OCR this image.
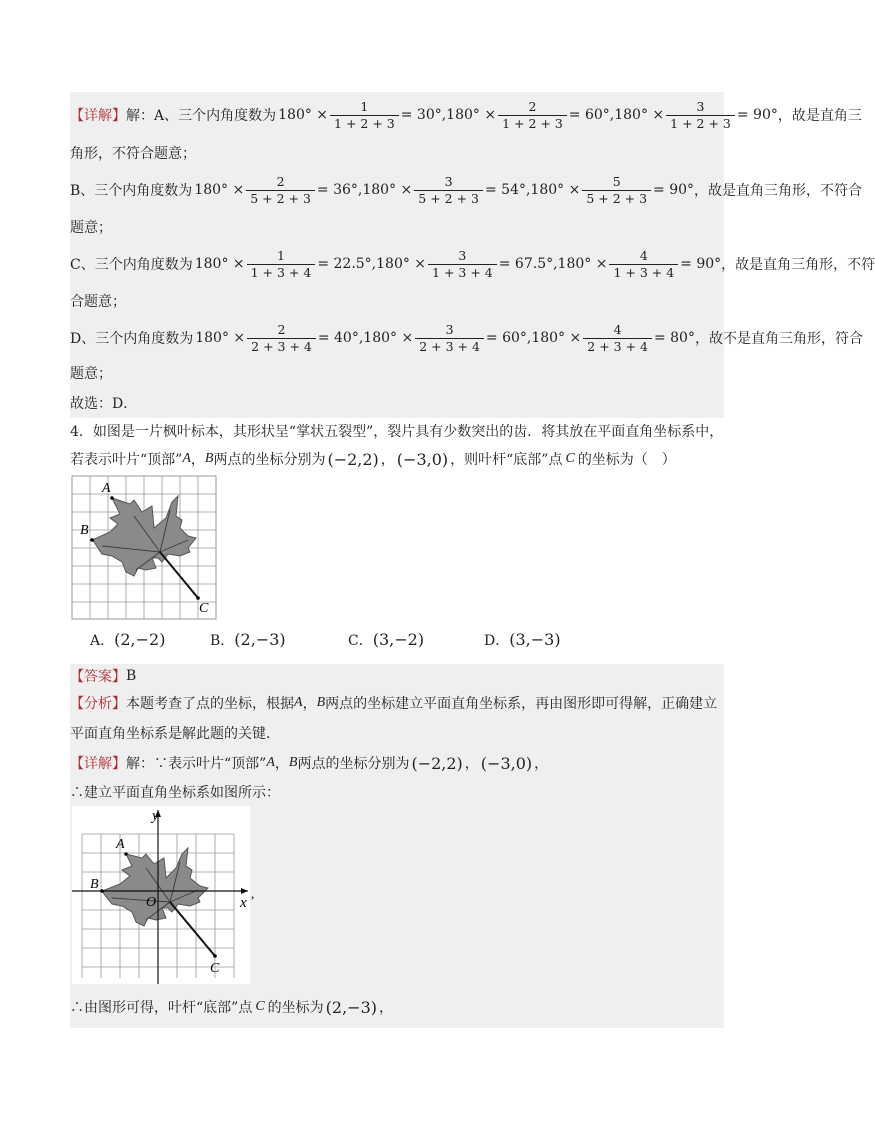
【详解】 解：A、三个内角度数为 $180^\circ \times \frac{1}{1 + 2 + 3} = 30^\circ,180^\circ \times \frac{2}{1 + 2 + 3} = 60^\circ,180^\circ \times \frac{3}{1 + 2 + 3} = 90^\circ$ ，故是直角三
角形，不符合题意；
B、三个内角度数为 $180^\circ \times \frac{2}{5 + 2 + 3} = 36^\circ,180^\circ \times \frac{3}{5 + 2 + 3} = 54^\circ,180^\circ \times \frac{5}{5 + 2 + 3} = 90^\circ$ ，故是直角三角形，不符合
题意；
C、三个内角度数为 $180^\circ \times \frac{1}{1 + 3 + 4} = 22.5^\circ,180^\circ \times \frac{3}{1 + 3 + 4} = 67.5^\circ,180^\circ \times \frac{4}{1 + 3 + 4} = 90^\circ$ ，故是直角三角形，不符
合题意；
D、三个内角度数为 $180^\circ \times \frac{2}{2 + 3 + 4} = 40^\circ,180^\circ \times \frac{3}{2 + 3 + 4} = 60^\circ,180^\circ \times \frac{4}{2 + 3 + 4} = 80^\circ$ ，故不是直角三角形，符合
题意；
故选：D．
4．如图是一片枫叶标本，其形状呈“掌状五裂型”，裂片具有少数突出的齿．将其放在平面直角坐标系中，
若表示叶片“顶部” A ， B 两点的坐标分别为 (−2,2) ， (−3,0) ，则叶杆“底部”点 C 的坐标为（　）
A
B
C
A．(2,−2)	B．(2,−3)	C．(3,−2)	D．(3,−3)
【答案】 B
【分析】 本题考查了点的坐标，根据 A ， B 两点的坐标建立平面直角坐标系，再由图形即可得解，正确建立
平面直角坐标系是解此题的关键．
【详解】 解：∵表示叶片“顶部” A ， B 两点的坐标分别为 (−2,2) ， (−3,0) ，
∴建立平面直角坐标系如图所示：
A
B
C
O	x
y
,
∴由图形可得，叶杆“底部”点 C 的坐标为 (2,−3) ，
